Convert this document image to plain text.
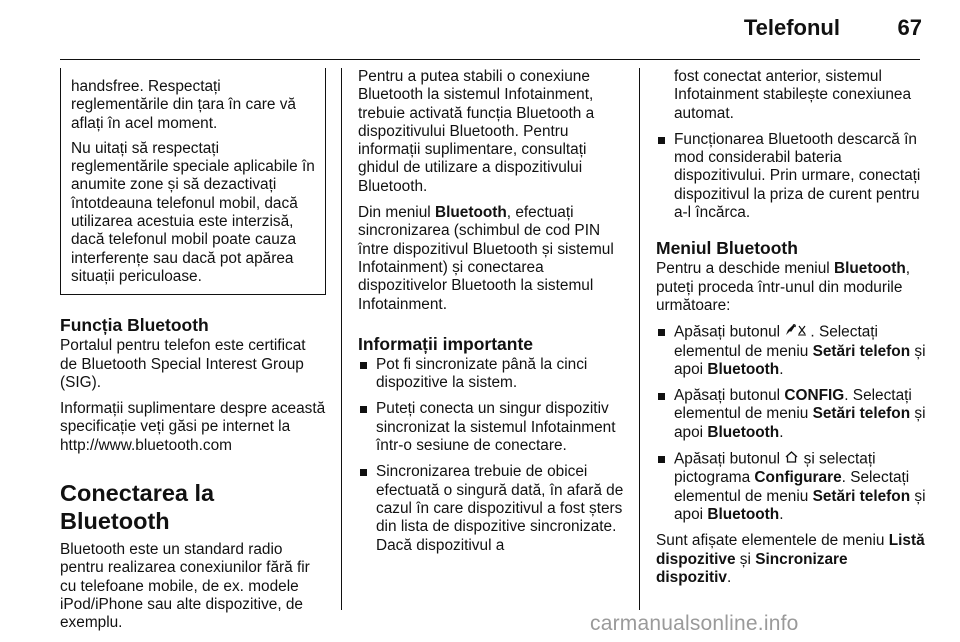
Telefonul	67

handsfree. Respectați reglementările din țara în care vă aflați în acel moment.

Nu uitați să respectați reglementările speciale aplicabile în anumite zone și să dezactivați întotdeauna telefonul mobil, dacă utilizarea acestuia este interzisă, dacă telefonul mobil poate cauza interferențe sau dacă pot apărea situații periculoase.

Funcția Bluetooth

Portalul pentru telefon este certificat de Bluetooth Special Interest Group (SIG).

Informații suplimentare despre această specificație veți găsi pe internet la http://www.bluetooth.com

Conectarea la Bluetooth

Bluetooth este un standard radio pentru realizarea conexiunilor fără fir cu telefoane mobile, de ex. modele iPod/iPhone sau alte dispozitive, de exemplu.

Pentru a putea stabili o conexiune Bluetooth la sistemul Infotainment, trebuie activată funcția Bluetooth a dispozitivului Bluetooth. Pentru informații suplimentare, consultați ghidul de utilizare a dispozitivului Bluetooth.

Din meniul Bluetooth, efectuați sincronizarea (schimbul de cod PIN între dispozitivul Bluetooth și sistemul Infotainment) și conectarea dispozitivelor Bluetooth la sistemul Infotainment.

Informații importante
Pot fi sincronizate până la cinci dispozitive la sistem.
Puteți conecta un singur dispozitiv sincronizat la sistemul Infotainment într-o sesiune de conectare.
Sincronizarea trebuie de obicei efectuată o singură dată, în afară de cazul în care dispozitivul a fost șters din lista de dispozitive sincronizate. Dacă dispozitivul a

fost conectat anterior, sistemul Infotainment stabilește conexiunea automat.

Funcționarea Bluetooth descarcă în mod considerabil bateria dispozitivului. Prin urmare, conectați dispozitivul la priza de curent pentru a-l încărca.
Meniul Bluetooth

Pentru a deschide meniul Bluetooth, puteți proceda într-unul din modurile următoare:

Apăsați butonul . Selectați elementul de meniu Setări telefon și apoi Bluetooth.
Apăsați butonul CONFIG. Selectați elementul de meniu Setări telefon și apoi Bluetooth.
Apăsați butonul  și selectați pictograma Configurare. Selectați elementul de meniu Setări telefon și apoi Bluetooth.

Sunt afișate elementele de meniu Listă dispozitive și Sincronizare dispozitiv.

carmanualsonline.info
